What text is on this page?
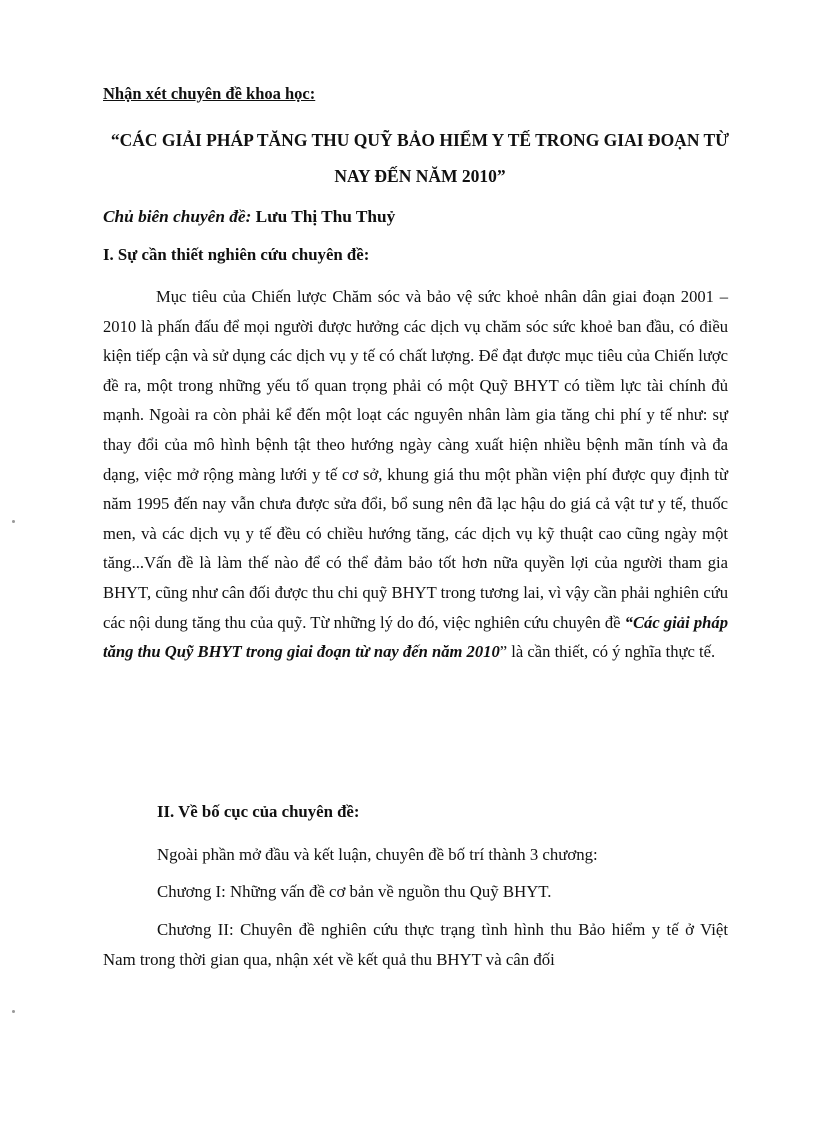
Nhận xét chuyên đề khoa học:
“CÁC GIẢI PHÁP TĂNG THU QUỸ BẢO HIỂM Y TẾ TRONG GIAI ĐOẠN TỪ NAY ĐẾN NĂM 2010”
Chủ biên chuyên đề: Lưu Thị Thu Thuỷ
I. Sự cần thiết nghiên cứu chuyên đề:
Mục tiêu của Chiến lược Chăm sóc và bảo vệ sức khoẻ nhân dân giai đoạn 2001 – 2010 là phấn đấu để mọi người được hưởng các dịch vụ chăm sóc sức khoẻ ban đầu, có điều kiện tiếp cận và sử dụng các dịch vụ y tế có chất lượng. Để đạt được mục tiêu của Chiến lược đề ra, một trong những yếu tố quan trọng phải có một Quỹ BHYT có tiềm lực tài chính đủ mạnh. Ngoài ra còn phải kể đến một loạt các nguyên nhân làm gia tăng chi phí y tế như: sự thay đổi của mô hình bệnh tật theo hướng ngày càng xuất hiện nhiều bệnh mãn tính và đa dạng, việc mở rộng màng lưới y tế cơ sở, khung giá thu một phần viện phí được quy định từ năm 1995 đến nay vẫn chưa được sửa đổi, bổ sung nên đã lạc hậu do giá cả vật tư y tế, thuốc men, và các dịch vụ y tế đều có chiều hướng tăng, các dịch vụ kỹ thuật cao cũng ngày một tăng...Vấn đề là làm thế nào để có thể đảm bảo tốt hơn nữa quyền lợi của người tham gia BHYT, cũng như cân đối được thu chi quỹ BHYT trong tương lai, vì vậy cần phải nghiên cứu các nội dung tăng thu của quỹ. Từ những lý do đó, việc nghiên cứu chuyên đề “Các giải pháp tăng thu Quỹ BHYT trong giai đoạn từ nay đến năm 2010” là cần thiết, có ý nghĩa thực tế.
II. Về bố cục của chuyên đề:
Ngoài phần mở đầu và kết luận, chuyên đề bố trí thành 3 chương:
Chương I: Những vấn đề cơ bản về nguồn thu Quỹ BHYT.
Chương II: Chuyên đề nghiên cứu thực trạng tình hình thu Bảo hiểm y tế ở Việt Nam trong thời gian qua, nhận xét về kết quả thu BHYT và cân đối
